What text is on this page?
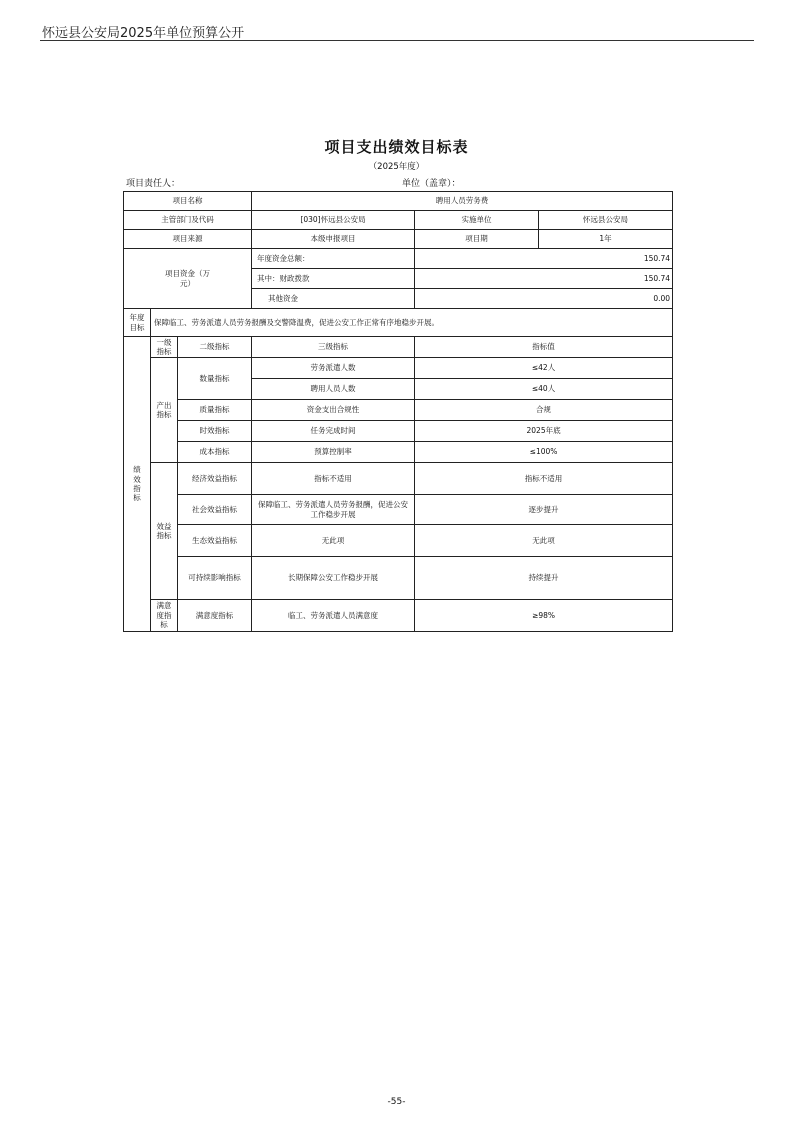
怀远县公安局2025年单位预算公开
项目支出绩效目标表
（2025年度）
项目责任人：	单位（盖章）：
项目名称			聘用人员劳务费		
主管部门及代码			[030]怀远县公安局	实施单位	怀远县公安局
项目来源			本级申报项目	项目期	1年
项目资金（万元）			年度资金总额：	150.74	
			其中：财政拨款	150.74	
			其他资金	0.00	

年度目标	保障临工、劳务派遣人员劳务报酬及交警降温费，促进公安工作正常有序地稳步开展。				

绩效指标	一级指标	二级指标	三级指标	指标值	

	产出指标	数量指标	劳务派遣人数	≤42人	
			聘用人员人数	≤40人	
		质量指标	资金支出合规性	合规	
		时效指标	任务完成时间	2025年底	
		成本指标	预算控制率	≤100%	

	效益指标	经济效益指标	指标不适用	指标不适用	
		社会效益指标	保障临工、劳务派遣人员劳务报酬，促进公安工作稳步开展	逐步提升	
		生态效益指标	无此项	无此项	
		可持续影响指标	长期保障公安工作稳步开展	持续提升	

	满意度指标	满意度指标	临工、劳务派遣人员满意度	≥98%	
-55-
